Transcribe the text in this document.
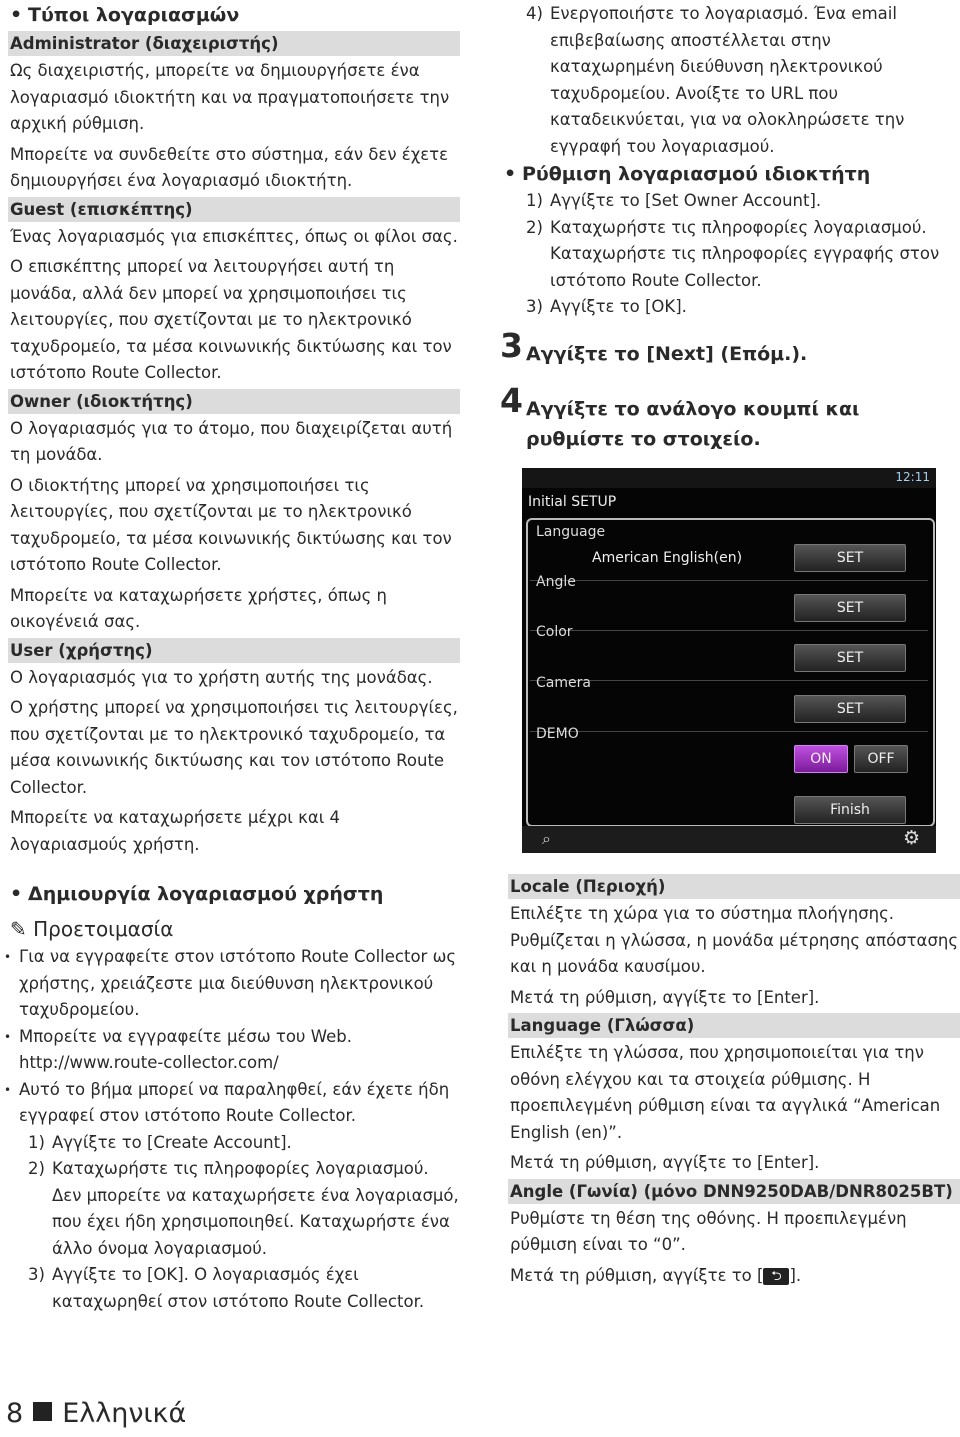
• Τύποι λογαριασμών
Administrator (διαχειριστής)

Ως διαχειριστής, μπορείτε να δημιουργήσετε ένα λογαριασμό ιδιοκτήτη και να πραγματοποιήσετε την αρχική ρύθμιση.

Μπορείτε να συνδεθείτε στο σύστημα, εάν δεν έχετε δημιουργήσει ένα λογαριασμό ιδιοκτήτη.

Guest (επισκέπτης)

Ένας λογαριασμός για επισκέπτες, όπως οι φίλοι σας.

Ο επισκέπτης μπορεί να λειτουργήσει αυτή τη μονάδα, αλλά δεν μπορεί να χρησιμοποιήσει τις λειτουργίες, που σχετίζονται με το ηλεκτρονικό ταχυδρομείο, τα μέσα κοινωνικής δικτύωσης και τον ιστότοπο Route Collector.

Owner (ιδιοκτήτης)

Ο λογαριασμός για το άτομο, που διαχειρίζεται αυτή τη μονάδα.

Ο ιδιοκτήτης μπορεί να χρησιμοποιήσει τις λειτουργίες, που σχετίζονται με το ηλεκτρονικό ταχυδρομείο, τα μέσα κοινωνικής δικτύωσης και τον ιστότοπο Route Collector.

Μπορείτε να καταχωρήσετε χρήστες, όπως η οικογένειά σας.

User (χρήστης)

Ο λογαριασμός για το χρήστη αυτής της μονάδας.

Ο χρήστης μπορεί να χρησιμοποιήσει τις λειτουργίες, που σχετίζονται με το ηλεκτρονικό ταχυδρομείο, τα μέσα κοινωνικής δικτύωσης και τον ιστότοπο Route Collector.

Μπορείτε να καταχωρήσετε μέχρι και 4 λογαριασμούς χρήστη.

• Δημιουργία λογαριασμού χρήστη
✎ Προετοιμασία
• Για να εγγραφείτε στον ιστότοπο Route Collector ως χρήστης, χρειάζεστε μια διεύθυνση ηλεκτρονικού ταχυδρομείου.
• Μπορείτε να εγγραφείτε μέσω του Web.
http://www.route-collector.com/
• Αυτό το βήμα μπορεί να παραληφθεί, εάν έχετε ήδη εγγραφεί στον ιστότοπο Route Collector.
1) Αγγίξτε το [Create Account].
2) Καταχωρήστε τις πληροφορίες λογαριασμού. Δεν μπορείτε να καταχωρήσετε ένα λογαριασμό, που έχει ήδη χρησιμοποιηθεί. Καταχωρήστε ένα άλλο όνομα λογαριασμού.
3) Αγγίξτε το [OK]. Ο λογαριασμός έχει καταχωρηθεί στον ιστότοπο Route Collector.
4) Ενεργοποιήστε το λογαριασμό. Ένα email επιβεβαίωσης αποστέλλεται στην καταχωρημένη διεύθυνση ηλεκτρονικού ταχυδρομείου. Ανοίξτε το URL που καταδεικνύεται, για να ολοκληρώσετε την εγγραφή του λογαριασμού.
• Ρύθμιση λογαριασμού ιδιοκτήτη
1) Αγγίξτε το [Set Owner Account].
2) Καταχωρήστε τις πληροφορίες λογαριασμού. Καταχωρήστε τις πληροφορίες εγγραφής στον ιστότοπο Route Collector.
3) Αγγίξτε το [OK].
3 Αγγίξτε το [Next] (Επόμ.).
4 Αγγίξτε το ανάλογο κουμπί και ρυθμίστε το στοιχείο.
12:11
Initial SETUP
Language
American English(en)	SET
Angle
SET
Color
SET
Camera
SET
DEMO
ON	OFF
Finish
⌕	⚙
Locale (Περιοχή)

Επιλέξτε τη χώρα για το σύστημα πλοήγησης. Ρυθμίζεται η γλώσσα, η μονάδα μέτρησης απόστασης και η μονάδα καυσίμου.

Μετά τη ρύθμιση, αγγίξτε το [Enter].

Language (Γλώσσα)

Επιλέξτε τη γλώσσα, που χρησιμοποιείται για την οθόνη ελέγχου και τα στοιχεία ρύθμισης. Η προεπιλεγμένη ρύθμιση είναι τα αγγλικά “American English (en)”.

Μετά τη ρύθμιση, αγγίξτε το [Enter].

Angle (Γωνία) (μόνο DNN9250DAB/DNR8025BT)

Ρυθμίστε τη θέση της οθόνης. Η προεπιλεγμένη ρύθμιση είναι το “0”.

Μετά τη ρύθμιση, αγγίξτε το [ ⮌ ].

8 Ελληνικά
